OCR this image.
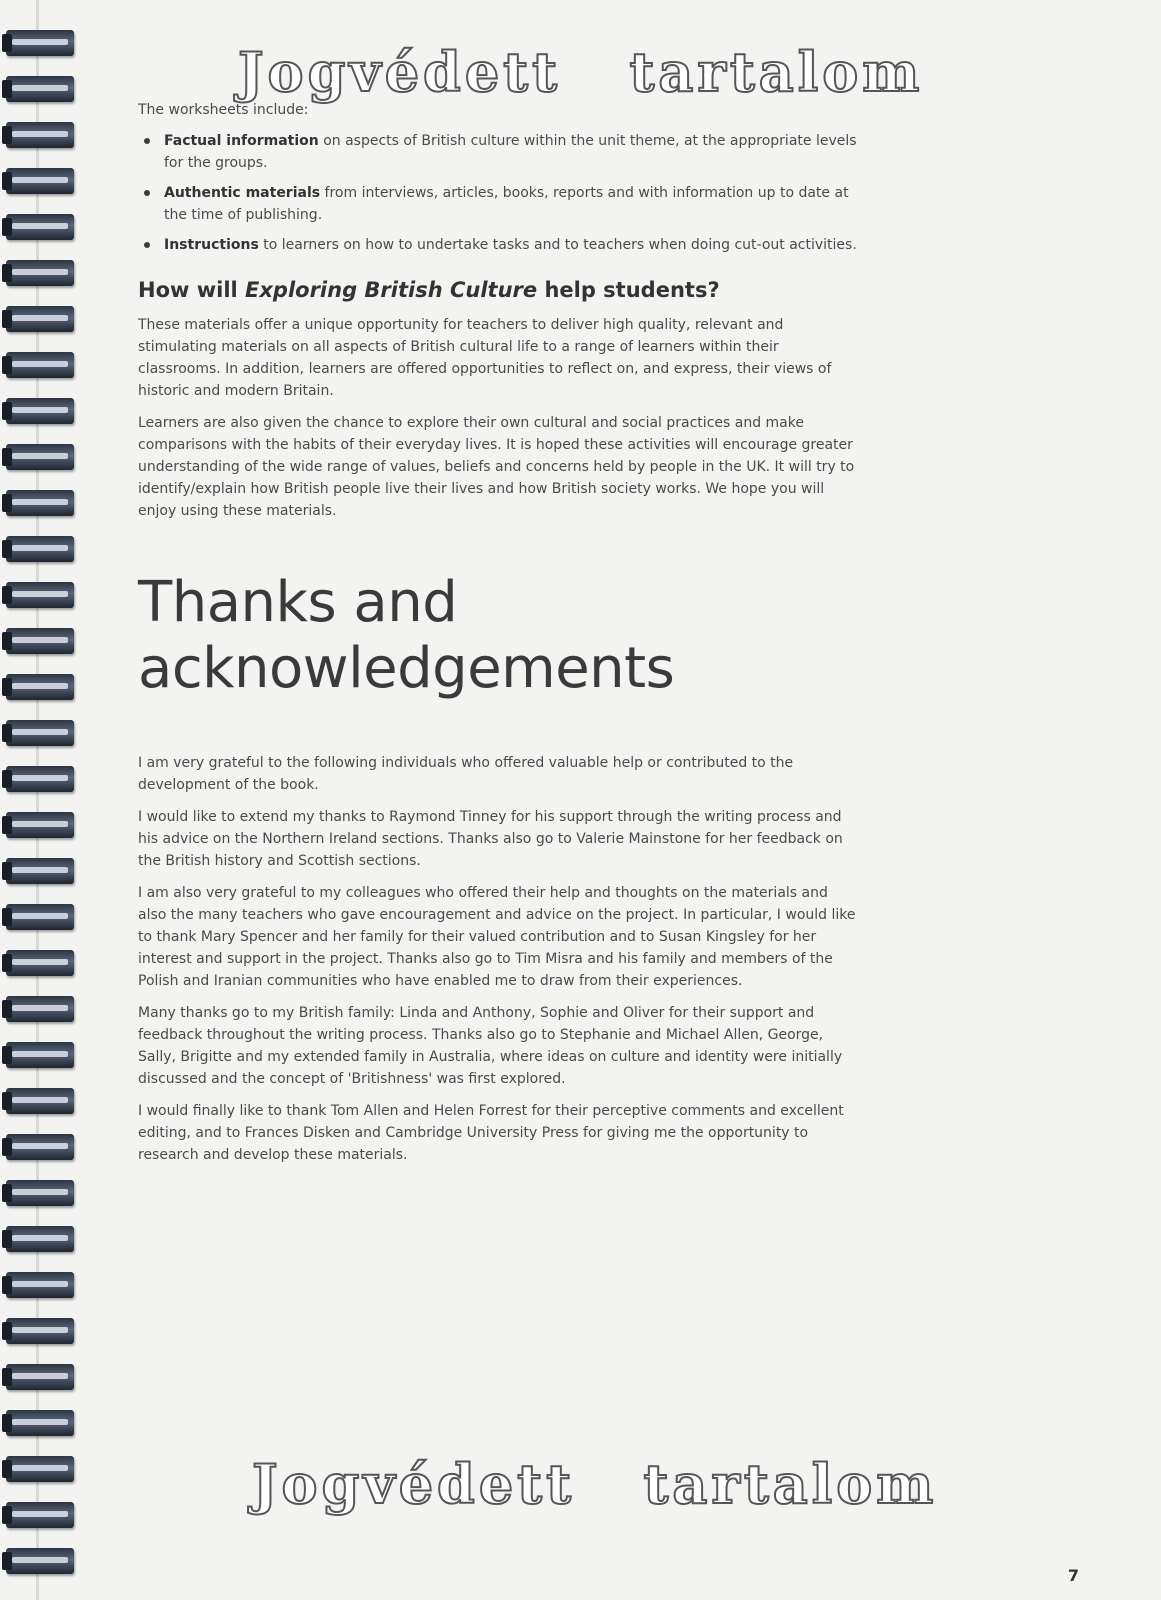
Jogvédett   tartalom

The worksheets include:

Factual information on aspects of British culture within the unit theme, at the appropriate levels for the groups.
Authentic materials from interviews, articles, books, reports and with information up to date at the time of publishing.
Instructions to learners on how to undertake tasks and to teachers when doing cut-out activities.
How will Exploring British Culture help students?

These materials offer a unique opportunity for teachers to deliver high quality, relevant and stimulating materials on all aspects of British cultural life to a range of learners within their classrooms. In addition, learners are offered opportunities to reflect on, and express, their views of historic and modern Britain.

Learners are also given the chance to explore their own cultural and social practices and make comparisons with the habits of their everyday lives. It is hoped these activities will encourage greater understanding of the wide range of values, beliefs and concerns held by people in the UK. It will try to identify/explain how British people live their lives and how British society works. We hope you will enjoy using these materials.

Thanks and
acknowledgements

I am very grateful to the following individuals who offered valuable help or contributed to the development of the book.

I would like to extend my thanks to Raymond Tinney for his support through the writing process and his advice on the Northern Ireland sections. Thanks also go to Valerie Mainstone for her feedback on the British history and Scottish sections.

I am also very grateful to my colleagues who offered their help and thoughts on the materials and also the many teachers who gave encouragement and advice on the project. In particular, I would like to thank Mary Spencer and her family for their valued contribution and to Susan Kingsley for her interest and support in the project. Thanks also go to Tim Misra and his family and members of the Polish and Iranian communities who have enabled me to draw from their experiences.

Many thanks go to my British family: Linda and Anthony, Sophie and Oliver for their support and feedback throughout the writing process. Thanks also go to Stephanie and Michael Allen, George, Sally, Brigitte and my extended family in Australia, where ideas on culture and identity were initially discussed and the concept of 'Britishness' was first explored.

I would finally like to thank Tom Allen and Helen Forrest for their perceptive comments and excellent editing, and to Frances Disken and Cambridge University Press for giving me the opportunity to research and develop these materials.

Jogvédett   tartalom
7
